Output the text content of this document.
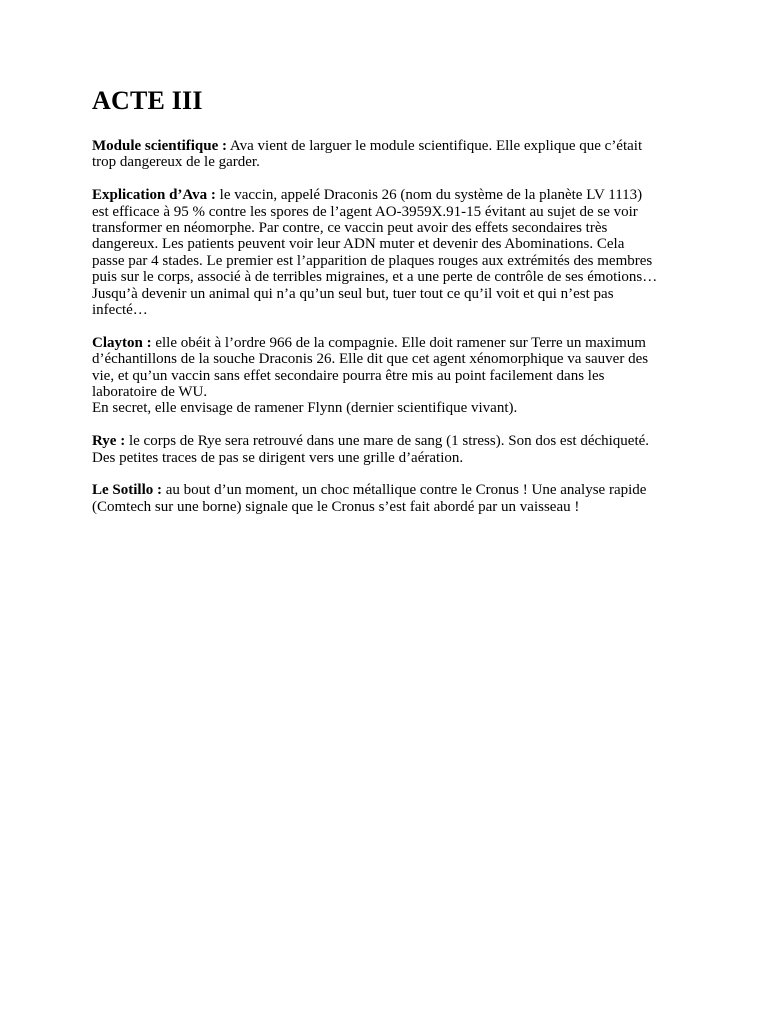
ACTE III
Module scientifique : Ava vient de larguer le module scientifique. Elle explique que c’était
trop dangereux de le garder.
Explication d’Ava : le vaccin, appelé Draconis 26 (nom du système de la planète LV 1113)
est efficace à 95 % contre les spores de l’agent AO-3959X.91-15 évitant au sujet de se voir
transformer en néomorphe. Par contre, ce vaccin peut avoir des effets secondaires très
dangereux. Les patients peuvent voir leur ADN muter et devenir des Abominations. Cela
passe par 4 stades. Le premier est l’apparition de plaques rouges aux extrémités des membres
puis sur le corps, associé à de terribles migraines, et a une perte de contrôle de ses émotions…
Jusqu’à devenir un animal qui n’a qu’un seul but, tuer tout ce qu’il voit et qui n’est pas
infecté…
Clayton : elle obéit à l’ordre 966 de la compagnie. Elle doit ramener sur Terre un maximum
d’échantillons de la souche Draconis 26. Elle dit que cet agent xénomorphique va sauver des
vie, et qu’un vaccin sans effet secondaire pourra être mis au point facilement dans les
laboratoire de WU.
En secret, elle envisage de ramener Flynn (dernier scientifique vivant).
Rye : le corps de Rye sera retrouvé dans une mare de sang (1 stress). Son dos est déchiqueté.
Des petites traces de pas se dirigent vers une grille d’aération.
Le Sotillo : au bout d’un moment, un choc métallique contre le Cronus ! Une analyse rapide
(Comtech sur une borne) signale que le Cronus s’est fait abordé par un vaisseau !
